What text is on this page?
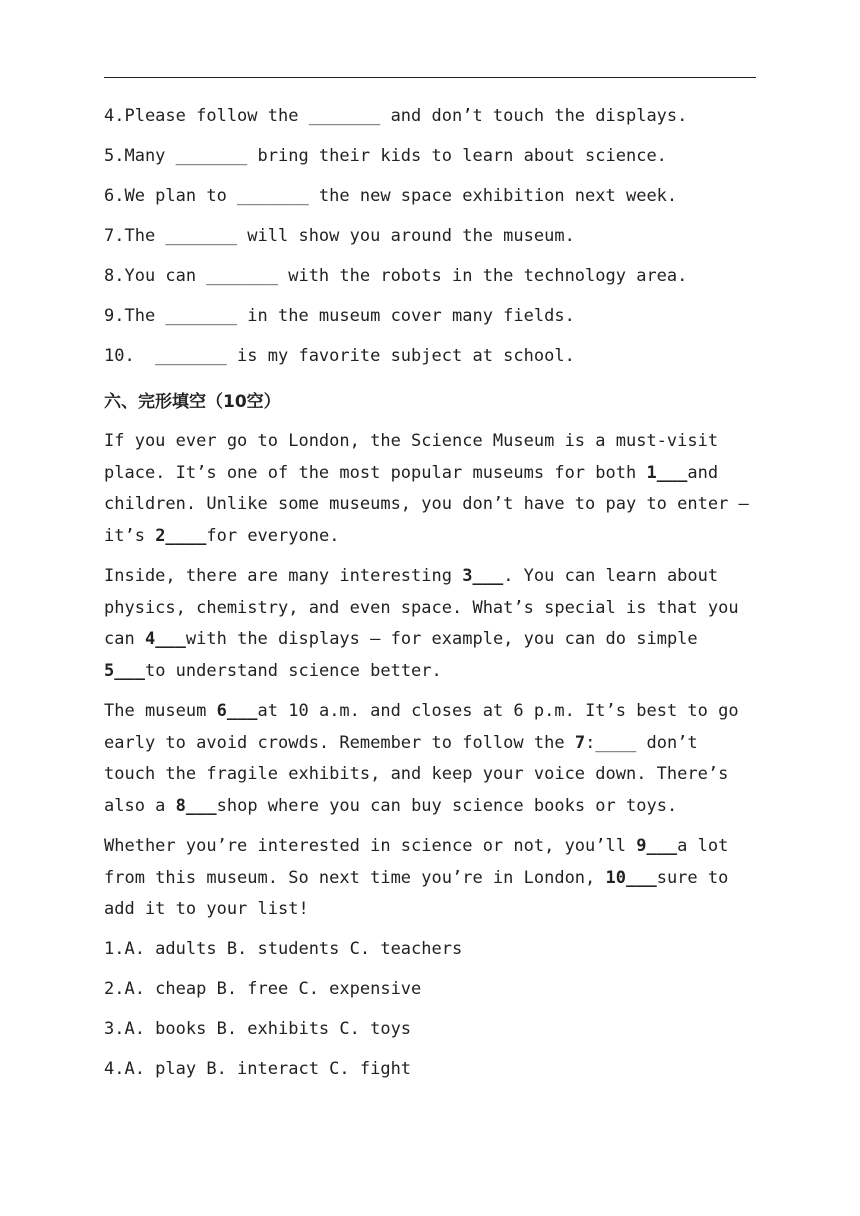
4.Please follow the _______ and don’t touch the displays.

5.Many _______ bring their kids to learn about science.

6.We plan to _______ the new space exhibition next week.

7.The _______ will show you around the museum.

8.You can _______ with the robots in the technology area.

9.The _______ in the museum cover many fields.

10.  _______ is my favorite subject at school.

六、完形填空（10空）

If you ever go to London, the Science Museum is a must-visit place. It’s one of the most popular museums for both 1___and children. Unlike some museums, you don’t have to pay to enter — it’s 2____for everyone.

Inside, there are many interesting 3___. You can learn about physics, chemistry, and even space. What’s special is that you can 4___with the displays — for example, you can do simple 5___to understand science better.

The museum 6___at 10 a.m. and closes at 6 p.m. It’s best to go early to avoid crowds. Remember to follow the 7:____ don’t touch the fragile exhibits, and keep your voice down. There’s also a 8___shop where you can buy science books or toys.

Whether you’re interested in science or not, you’ll 9___a lot from this museum. So next time you’re in London, 10___sure to add it to your list!

1.A. adults B. students C. teachers

2.A. cheap B. free C. expensive

3.A. books B. exhibits C. toys

4.A. play B. interact C. fight
